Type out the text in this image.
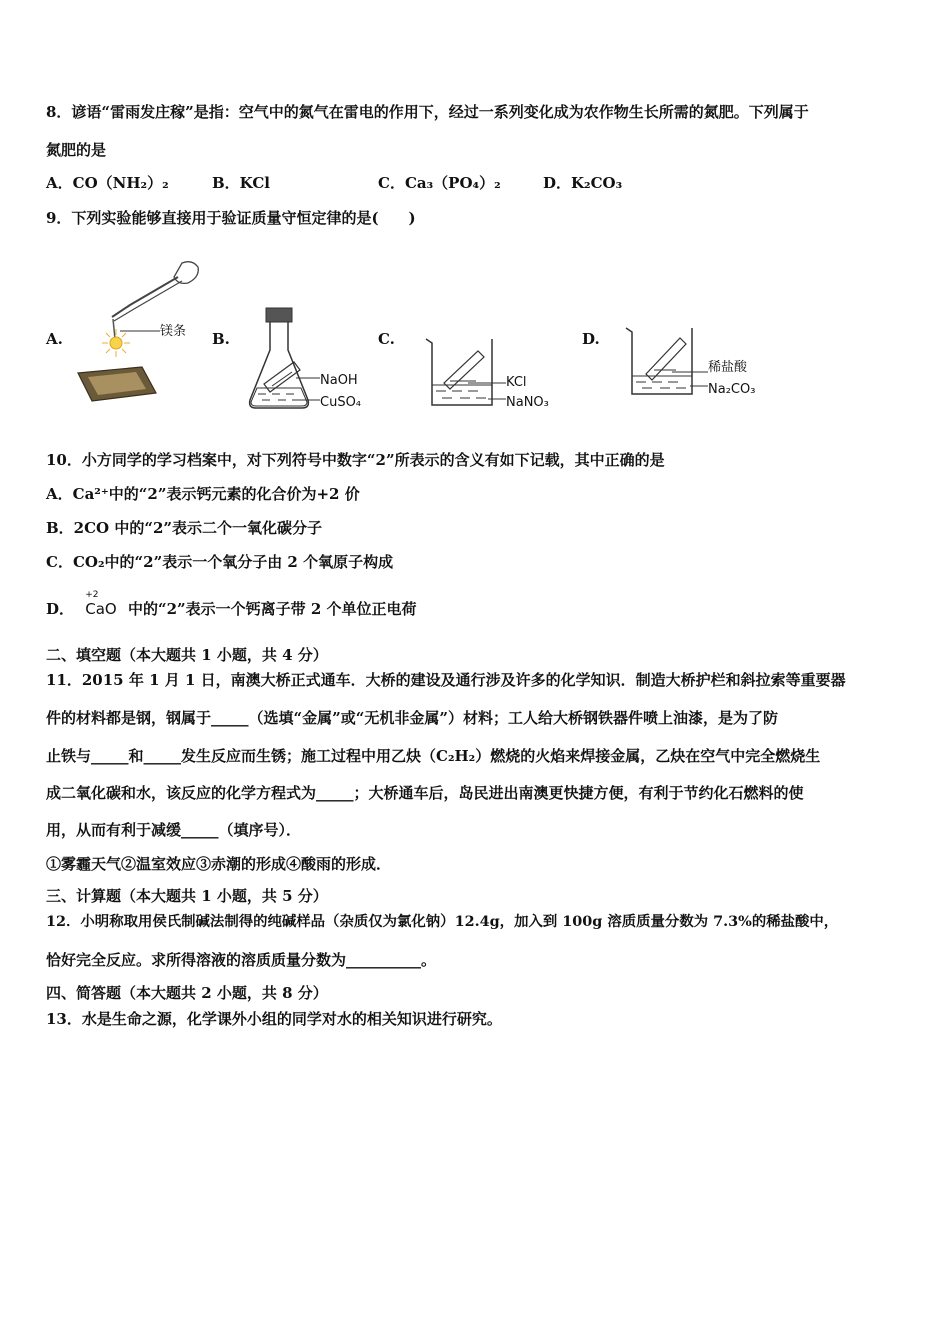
8．谚语“雷雨发庄稼”是指：空气中的氮气在雷电的作用下，经过一系列变化成为农作物生长所需的氮肥。下列属于
氮肥的是
A．CO（NH₂）₂	B．KCl	C．Ca₃（PO₄）₂	D．K₂CO₃
9．下列实验能够直接用于验证质量守恒定律的是(　　)
A.	镁条 B.
NaOH
CuSO₄
C.
KCl
NaNO₃
D.
稀盐酸
Na₂CO₃
10．小方同学的学习档案中，对下列符号中数字“2”所表示的含义有如下记载，其中正确的是
A．Ca²⁺中的“2”表示钙元素的化合价为+2 价
B．2CO 中的“2”表示二个一氧化碳分子
C．CO₂中的“2”表示一个氧分子由 2 个氧原子构成
D．
+2
CaO 中的“2”表示一个钙离子带 2 个单位正电荷
二、填空题（本大题共 1 小题，共 4 分）
11．2015 年 1 月 1 日，南澳大桥正式通车．大桥的建设及通行涉及许多的化学知识．制造大桥护栏和斜拉索等重要器
件的材料都是钢，钢属于_____（选填“金属”或“无机非金属”）材料；工人给大桥钢铁器件喷上油漆，是为了防
止铁与_____和_____发生反应而生锈；施工过程中用乙炔（C₂H₂）燃烧的火焰来焊接金属，乙炔在空气中完全燃烧生
成二氧化碳和水，该反应的化学方程式为_____；大桥通车后，岛民进出南澳更快捷方便，有利于节约化石燃料的使
用，从而有利于减缓_____（填序号）．
①雾霾天气②温室效应③赤潮的形成④酸雨的形成．
三、计算题（本大题共 1 小题，共 5 分）
12．小明称取用侯氏制碱法制得的纯碱样品（杂质仅为氯化钠）12.4g，加入到 100g 溶质质量分数为 7.3%的稀盐酸中，
恰好完全反应。求所得溶液的溶质质量分数为__________。
四、简答题（本大题共 2 小题，共 8 分）
13．水是生命之源，化学课外小组的同学对水的相关知识进行研究。
